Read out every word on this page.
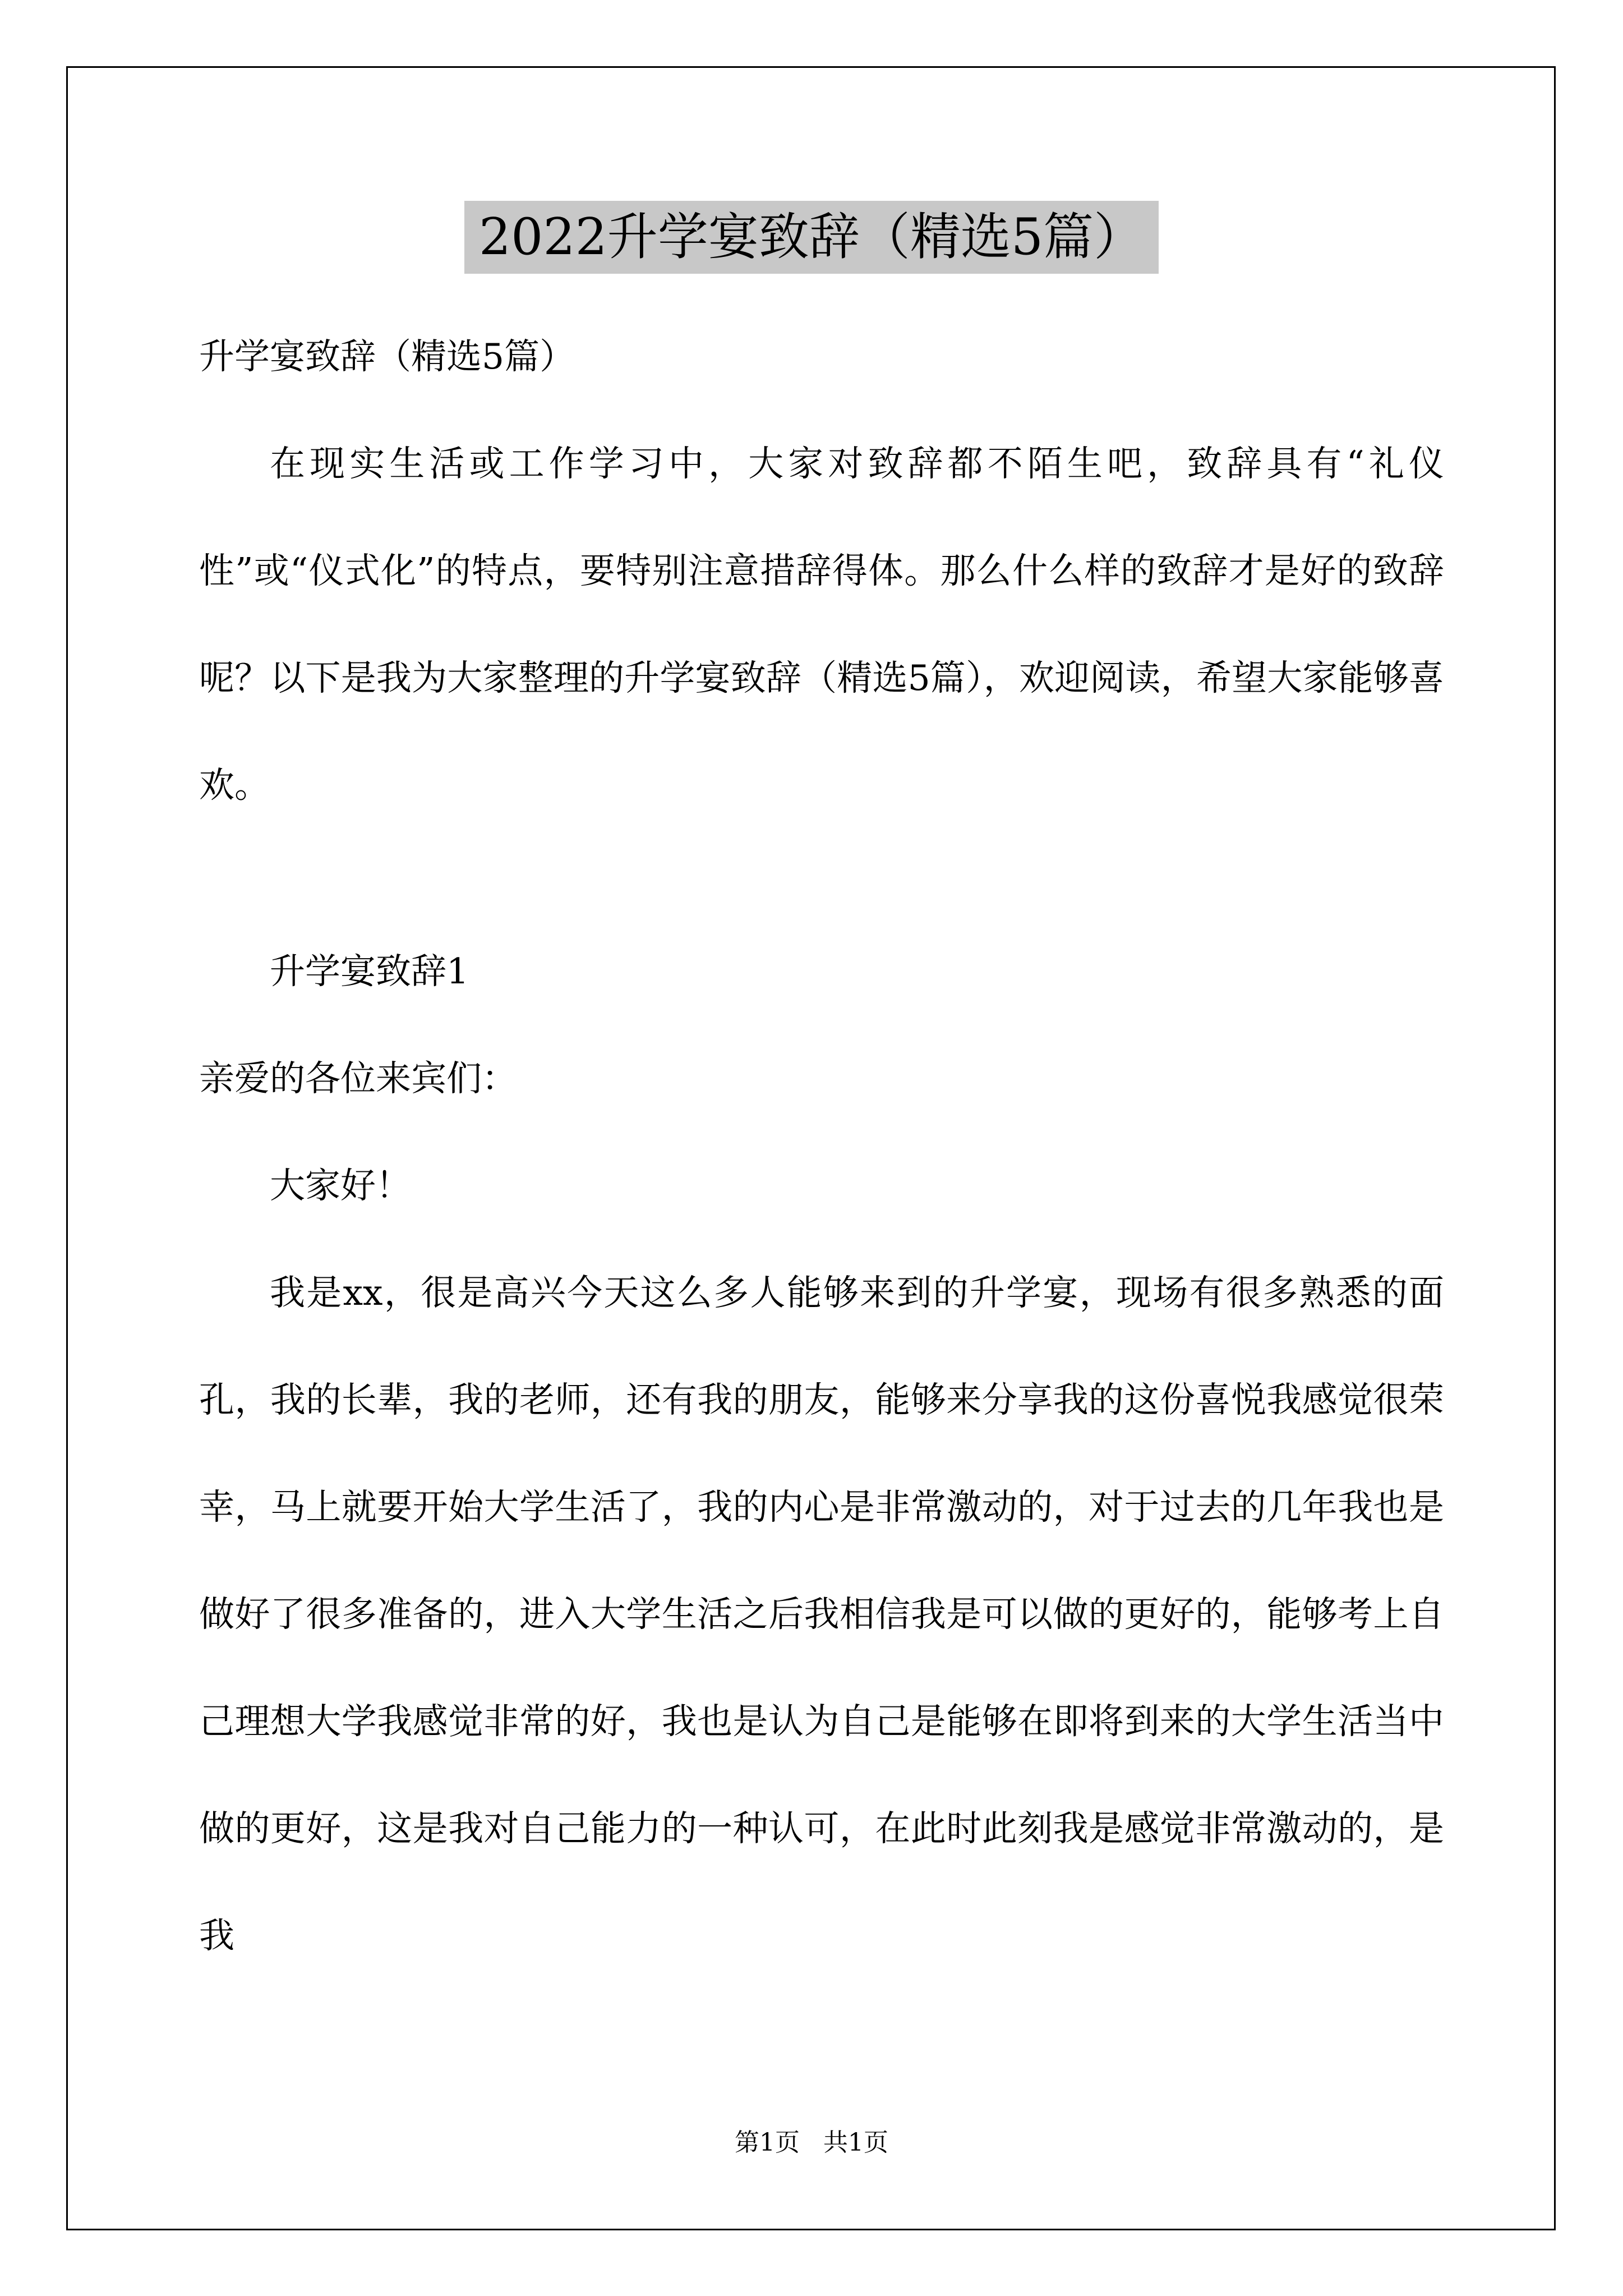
2022升学宴致辞（精选5篇）

升学宴致辞（精选5篇）

在现实生活或工作学习中，大家对致辞都不陌生吧，致辞具有“礼仪性”或“仪式化”的特点，要特别注意措辞得体。那么什么样的致辞才是好的致辞呢？以下是我为大家整理的升学宴致辞（精选5篇），欢迎阅读，希望大家能够喜欢。

升学宴致辞1

亲爱的各位来宾们：

大家好！

我是xx，很是高兴今天这么多人能够来到的升学宴，现场有很多熟悉的面孔，我的长辈，我的老师，还有我的朋友，能够来分享我的这份喜悦我感觉很荣幸，马上就要开始大学生活了，我的内心是非常激动的，对于过去的几年我也是做好了很多准备的，进入大学生活之后我相信我是可以做的更好的，能够考上自己理想大学我感觉非常的好，我也是认为自己是能够在即将到来的大学生活当中做的更好，这是我对自己能力的一种认可，在此时此刻我是感觉非常激动的，是我

第1页   共1页
